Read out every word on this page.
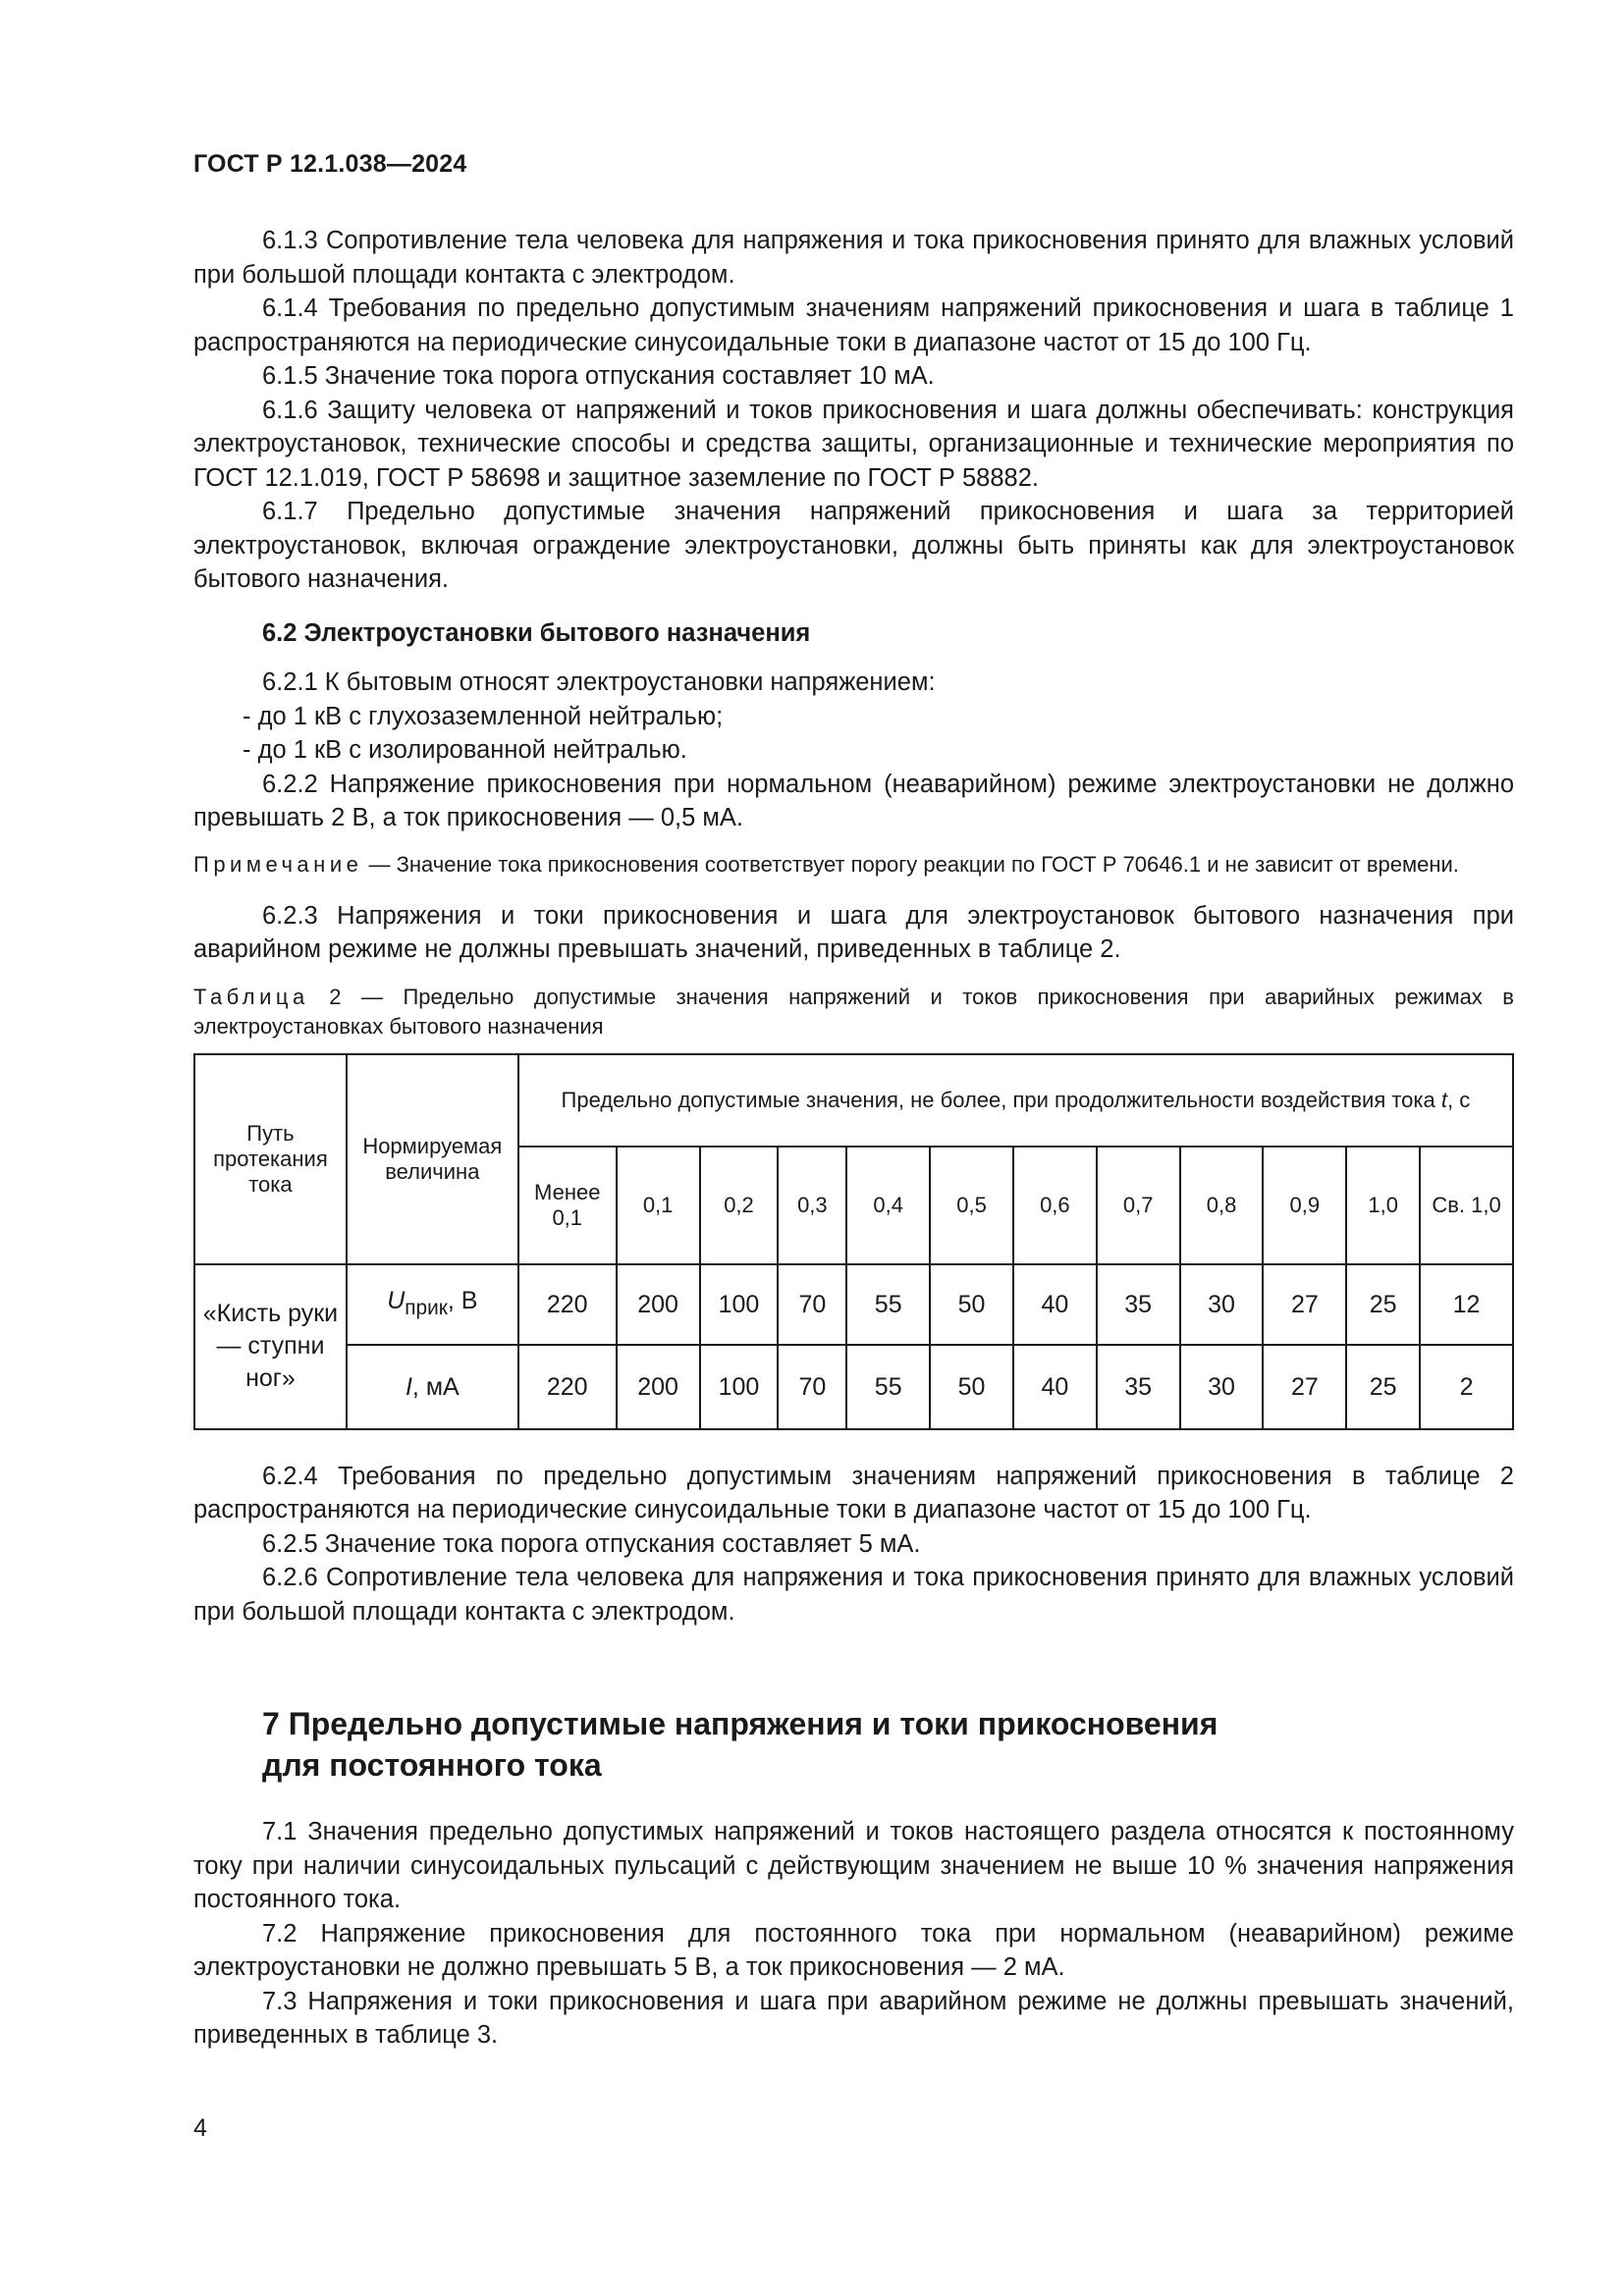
ГОСТ Р 12.1.038—2024

6.1.3 Сопротивление тела человека для напряжения и тока прикосновения принято для влажных условий при большой площади контакта с электродом.

6.1.4 Требования по предельно допустимым значениям напряжений прикосновения и шага в таблице 1 распространяются на периодические синусоидальные токи в диапазоне частот от 15 до 100 Гц.

6.1.5 Значение тока порога отпускания составляет 10 мА.

6.1.6 Защиту человека от напряжений и токов прикосновения и шага должны обеспечивать: конструкция электроустановок, технические способы и средства защиты, организационные и технические мероприятия по ГОСТ 12.1.019, ГОСТ Р 58698 и защитное заземление по ГОСТ Р 58882.

6.1.7 Предельно допустимые значения напряжений прикосновения и шага за территорией электроустановок, включая ограждение электроустановки, должны быть приняты как для электроустановок бытового назначения.

6.2 Электроустановки бытового назначения

6.2.1 К бытовым относят электроустановки напряжением:

- до 1 кВ с глухозаземленной нейтралью;

- до 1 кВ с изолированной нейтралью.

6.2.2 Напряжение прикосновения при нормальном (неаварийном) режиме электроустановки не должно превышать 2 В, а ток прикосновения — 0,5 мА.

Примечание — Значение тока прикосновения соответствует порогу реакции по ГОСТ Р 70646.1 и не зависит от времени.

6.2.3 Напряжения и токи прикосновения и шага для электроустановок бытового назначения при аварийном режиме не должны превышать значений, приведенных в таблице 2.

Таблица 2 — Предельно допустимые значения напряжений и токов прикосновения при аварийных режимах в электроустановках бытового назначения

Путь протекания тока	Нормируемая величина	Предельно допустимые значения, не более, при продолжительности воздействия тока t, с											
		Менее 0,1	0,1	0,2	0,3	0,4	0,5	0,6	0,7	0,8	0,9	1,0	Св. 1,0
«Кисть руки — ступни ног»	$U_{прик}$, В	220	200	100	70	55	50	40	35	30	27	25	12
	I, мА	220	200	100	70	55	50	40	35	30	27	25	2

6.2.4 Требования по предельно допустимым значениям напряжений прикосновения в таблице 2 распространяются на периодические синусоидальные токи в диапазоне частот от 15 до 100 Гц.

6.2.5 Значение тока порога отпускания составляет 5 мА.

6.2.6 Сопротивление тела человека для напряжения и тока прикосновения принято для влажных условий при большой площади контакта с электродом.

7 Предельно допустимые напряжения и токи прикосновения
для постоянного тока

7.1 Значения предельно допустимых напряжений и токов настоящего раздела относятся к постоянному току при наличии синусоидальных пульсаций с действующим значением не выше 10 % значения напряжения постоянного тока.

7.2 Напряжение прикосновения для постоянного тока при нормальном (неаварийном) режиме электроустановки не должно превышать 5 В, а ток прикосновения — 2 мА.

7.3 Напряжения и токи прикосновения и шага при аварийном режиме не должны превышать значений, приведенных в таблице 3.

4
